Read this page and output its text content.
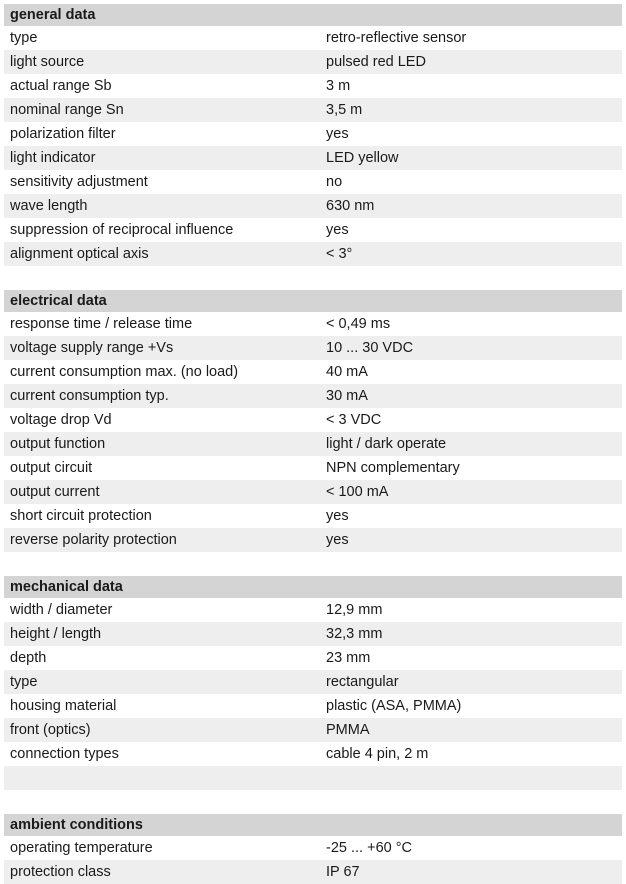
general data
type	retro-reflective sensor
light source	pulsed red LED
actual range Sb	3 m
nominal range Sn	3,5 m
polarization filter	yes
light indicator	LED yellow
sensitivity adjustment	no
wave length	630 nm
suppression of reciprocal influence	yes
alignment optical axis	< 3°
electrical data
response time / release time	< 0,49 ms
voltage supply range +Vs	10 ... 30 VDC
current consumption max. (no load)	40 mA
current consumption typ.	30 mA
voltage drop Vd	< 3 VDC
output function	light / dark operate
output circuit	NPN complementary
output current	< 100 mA
short circuit protection	yes
reverse polarity protection	yes
mechanical data
width / diameter	12,9 mm
height / length	32,3 mm
depth	23 mm
type	rectangular
housing material	plastic (ASA, PMMA)
front (optics)	PMMA
connection types	cable 4 pin, 2 m
ambient conditions
operating temperature	-25 ... +60 °C
protection class	IP 67
